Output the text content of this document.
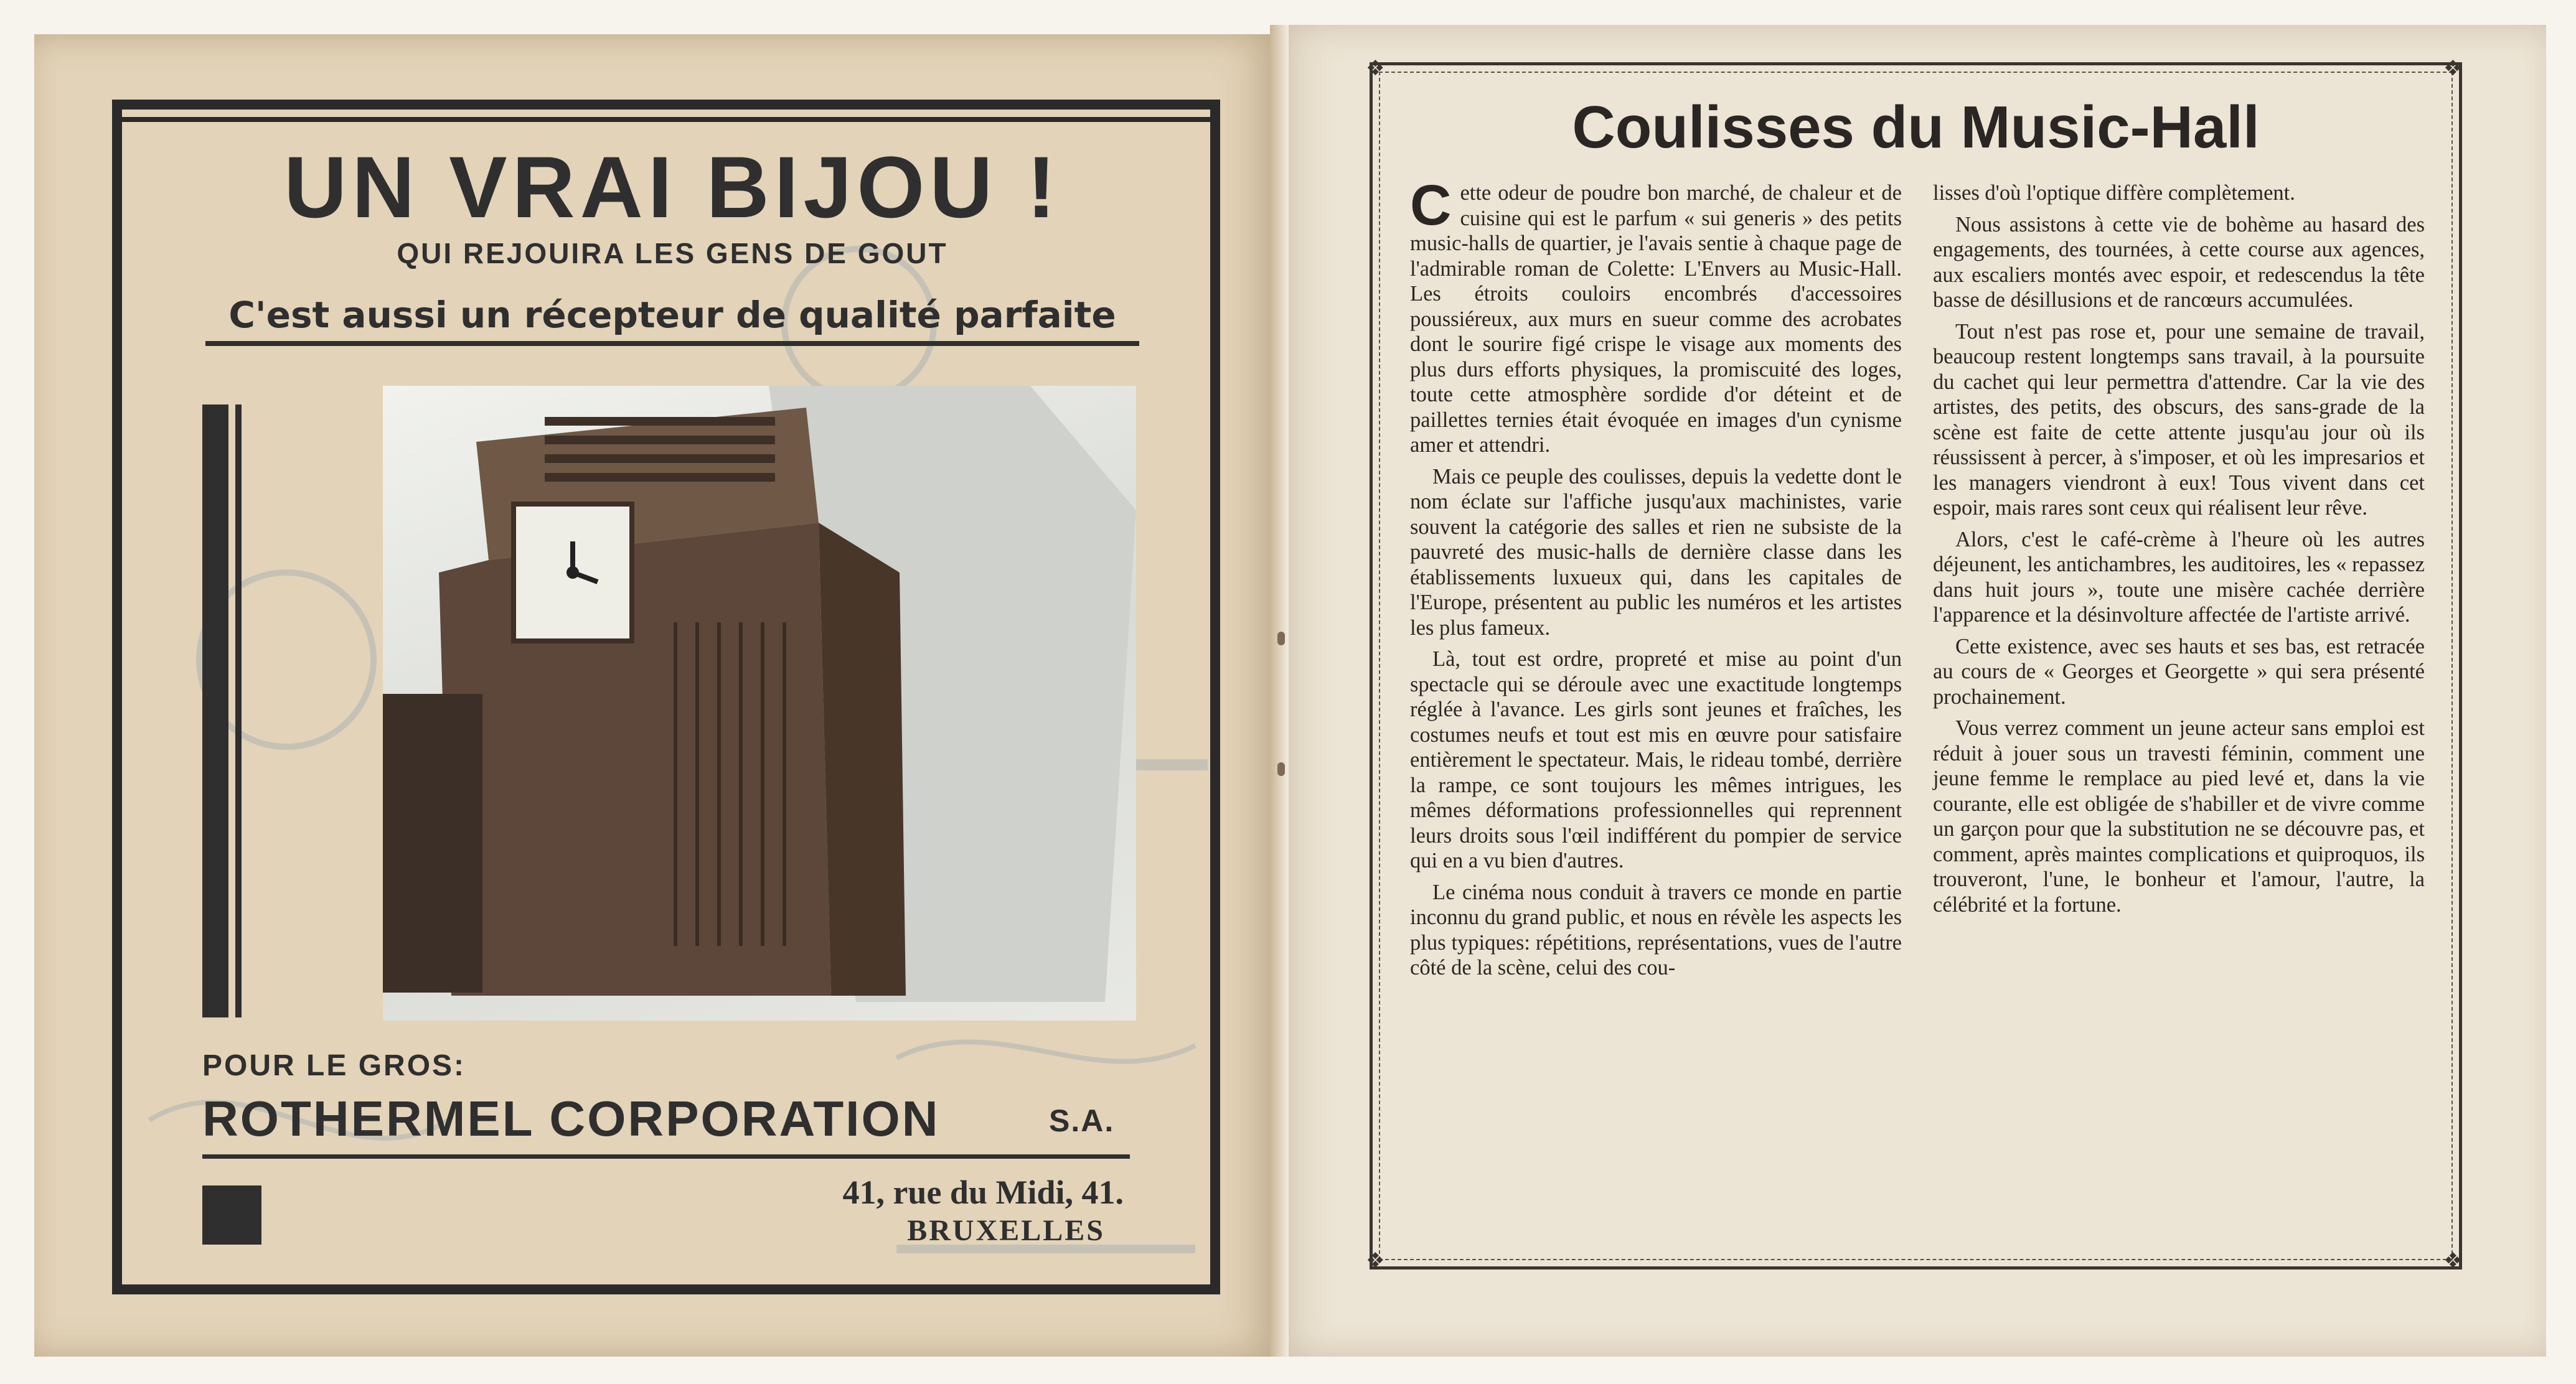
UN VRAI BIJOU !
QUI REJOUIRA LES GENS DE GOUT
C'est aussi un récepteur de qualité parfaite
POUR LE GROS:
ROTHERMEL CORPORATION	S.A.
41, rue du Midi, 41.
BRUXELLES
❖	❖
❖	❖
Coulisses du Music-Hall

Cette odeur de poudre bon marché, de chaleur et de cuisine qui est le parfum « sui generis » des petits music-halls de quartier, je l'avais sentie à chaque page de l'admirable roman de Colette: L'Envers au Music-Hall. Les étroits couloirs encombrés d'accessoires poussiéreux, aux murs en sueur comme des acrobates dont le sourire figé crispe le visage aux moments des plus durs efforts physiques, la promiscuité des loges, toute cette atmosphère sordide d'or déteint et de paillettes ternies était évoquée en images d'un cynisme amer et attendri.

Mais ce peuple des coulisses, depuis la vedette dont le nom éclate sur l'affiche jusqu'aux machinistes, varie souvent la catégorie des salles et rien ne subsiste de la pauvreté des music-halls de dernière classe dans les établissements luxueux qui, dans les capitales de l'Europe, présentent au public les numéros et les artistes les plus fameux.

Là, tout est ordre, propreté et mise au point d'un spectacle qui se déroule avec une exactitude longtemps réglée à l'avance. Les girls sont jeunes et fraîches, les costumes neufs et tout est mis en œuvre pour satisfaire entièrement le spectateur. Mais, le rideau tombé, derrière la rampe, ce sont toujours les mêmes intrigues, les mêmes déformations professionnelles qui reprennent leurs droits sous l'œil indifférent du pompier de service qui en a vu bien d'autres.

Le cinéma nous conduit à travers ce monde en partie inconnu du grand public, et nous en révèle les aspects les plus typiques: répétitions, représentations, vues de l'autre côté de la scène, celui des cou-

lisses d'où l'optique diffère complètement.

Nous assistons à cette vie de bohème au hasard des engagements, des tournées, à cette course aux agences, aux escaliers montés avec espoir, et redescendus la tête basse de désillusions et de rancœurs accumulées.

Tout n'est pas rose et, pour une semaine de travail, beaucoup restent longtemps sans travail, à la poursuite du cachet qui leur permettra d'attendre. Car la vie des artistes, des petits, des obscurs, des sans-grade de la scène est faite de cette attente jusqu'au jour où ils réussissent à percer, à s'imposer, et où les impresarios et les managers viendront à eux! Tous vivent dans cet espoir, mais rares sont ceux qui réalisent leur rêve.

Alors, c'est le café-crème à l'heure où les autres déjeunent, les antichambres, les auditoires, les « repassez dans huit jours », toute une misère cachée derrière l'apparence et la désinvolture affectée de l'artiste arrivé.

Cette existence, avec ses hauts et ses bas, est retracée au cours de « Georges et Georgette » qui sera présenté prochainement.

Vous verrez comment un jeune acteur sans emploi est réduit à jouer sous un travesti féminin, comment une jeune femme le remplace au pied levé et, dans la vie courante, elle est obligée de s'habiller et de vivre comme un garçon pour que la substitution ne se découvre pas, et comment, après maintes complications et quiproquos, ils trouveront, l'une, le bonheur et l'amour, l'autre, la célébrité et la fortune.
